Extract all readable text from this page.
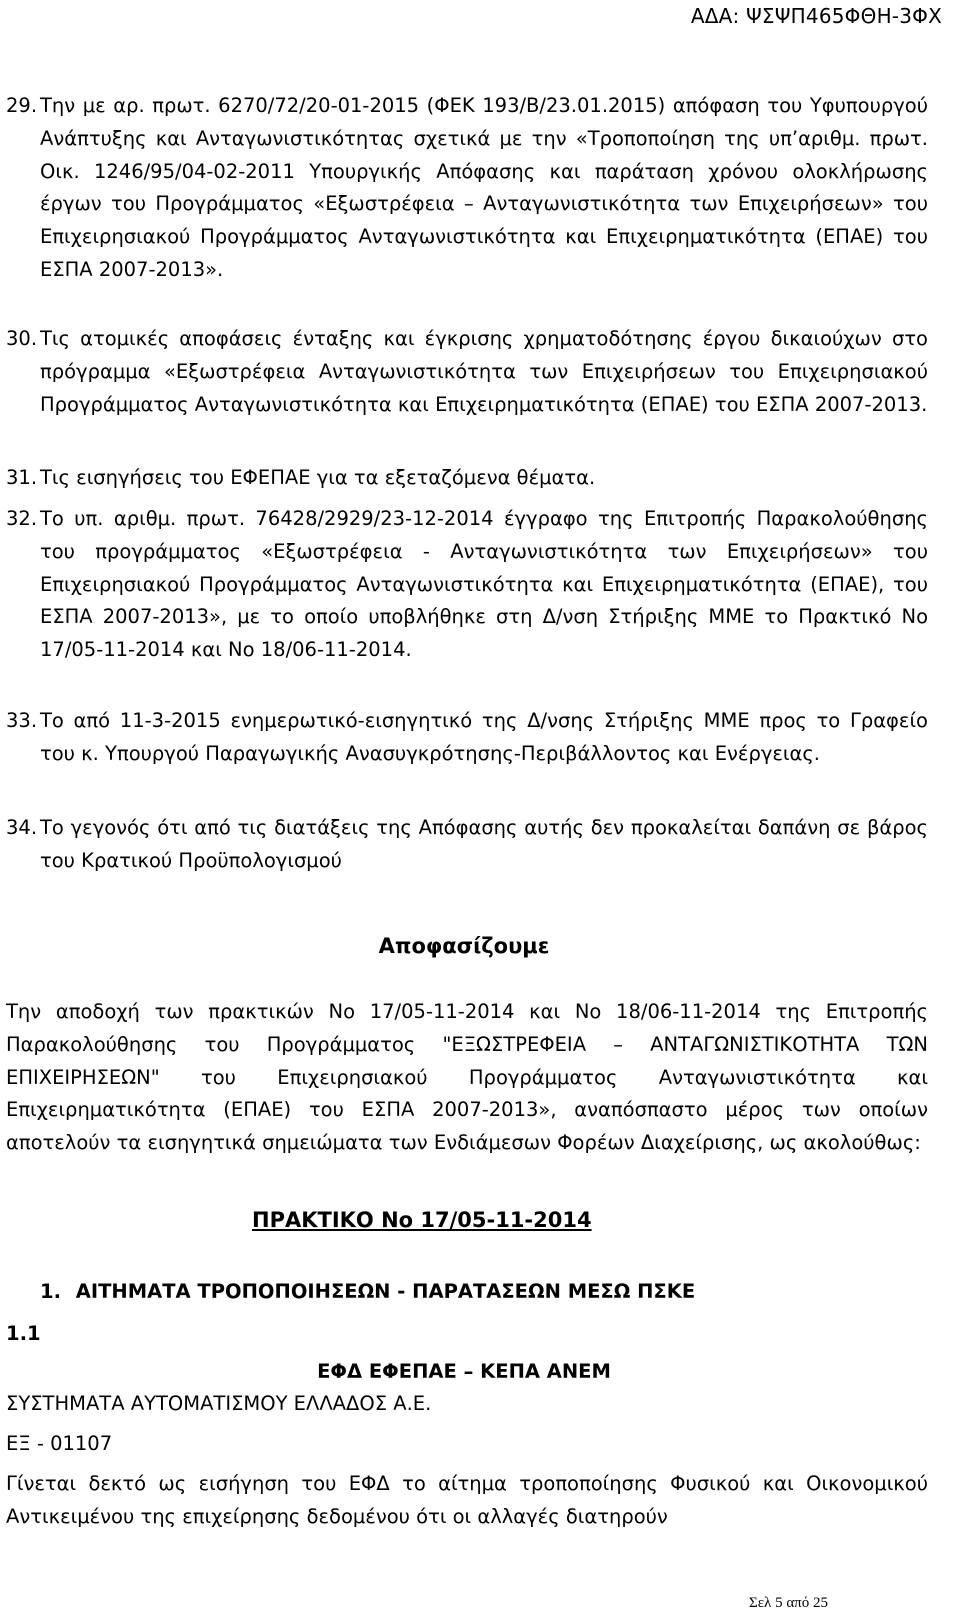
ΑΔΑ: ΨΣΨΠ465ΦΘΗ-3ΦΧ
29. Την με αρ. πρωτ. 6270/72/20-01-2015 (ΦΕΚ 193/Β/23.01.2015) απόφαση του Υφυπουργού Ανάπτυξης και Ανταγωνιστικότητας σχετικά με την «Τροποποίηση της υπ’αριθμ. πρωτ. Οικ. 1246/95/04-02-2011 Υπουργικής Απόφασης και παράταση χρόνου ολοκλήρωσης έργων του Προγράμματος «Εξωστρέφεια – Ανταγωνιστικότητα των Επιχειρήσεων» του Επιχειρησιακού Προγράμματος Ανταγωνιστικότητα και Επιχειρηματικότητα (ΕΠΑΕ) του ΕΣΠΑ 2007-2013».
30. Τις ατομικές αποφάσεις ένταξης και έγκρισης χρηματοδότησης έργου δικαιούχων στο πρόγραμμα «Εξωστρέφεια Ανταγωνιστικότητα των Επιχειρήσεων του Επιχειρησιακού Προγράμματος Ανταγωνιστικότητα και Επιχειρηματικότητα (ΕΠΑΕ) του ΕΣΠΑ 2007-2013.
31. Τις εισηγήσεις του ΕΦΕΠΑΕ για τα εξεταζόμενα θέματα.
32. Το υπ. αριθμ. πρωτ. 76428/2929/23-12-2014 έγγραφο της Επιτροπής Παρακολούθησης του προγράμματος «Εξωστρέφεια - Ανταγωνιστικότητα των Επιχειρήσεων» του Επιχειρησιακού Προγράμματος Ανταγωνιστικότητα και Επιχειρηματικότητα (ΕΠΑΕ), του ΕΣΠΑ 2007-2013», με το οποίο υποβλήθηκε στη Δ/νση Στήριξης ΜΜΕ το Πρακτικό Νο 17/05-11-2014 και Νο 18/06-11-2014.
33. Το από 11-3-2015 ενημερωτικό-εισηγητικό της Δ/νσης Στήριξης ΜΜΕ προς το Γραφείο του κ. Υπουργού Παραγωγικής Ανασυγκρότησης-Περιβάλλοντος και Ενέργειας.
34. Το γεγονός ότι από τις διατάξεις της Απόφασης αυτής δεν προκαλείται δαπάνη σε βάρος του Κρατικού Προϋπολογισμού
Αποφασίζουμε
Την αποδοχή των πρακτικών Νο 17/05-11-2014 και Νο 18/06-11-2014 της Επιτροπής Παρακολούθησης του Προγράμματος "ΕΞΩΣΤΡΕΦΕΙΑ – ΑΝΤΑΓΩΝΙΣΤΙΚΟΤΗΤΑ ΤΩΝ ΕΠΙΧΕΙΡΗΣΕΩΝ" του Επιχειρησιακού Προγράμματος Ανταγωνιστικότητα και Επιχειρηματικότητα (ΕΠΑΕ) του ΕΣΠΑ 2007-2013», αναπόσπαστο μέρος των οποίων αποτελούν τα εισηγητικά σημειώματα των Ενδιάμεσων Φορέων Διαχείρισης, ως ακολούθως:
ΠΡΑΚΤΙΚΟ Νο 17/05-11-2014
1. ΑΙΤΗΜΑΤΑ ΤΡΟΠΟΠΟΙΗΣΕΩΝ - ΠΑΡΑΤΑΣΕΩΝ ΜΕΣΩ ΠΣΚΕ
1.1
ΕΦΔ ΕΦΕΠΑΕ – ΚΕΠΑ ΑΝΕΜ
ΣΥΣΤΗΜΑΤΑ ΑΥΤΟΜΑΤΙΣΜΟΥ ΕΛΛΑΔΟΣ Α.Ε.
ΕΞ - 01107
Γίνεται δεκτό ως εισήγηση του ΕΦΔ το αίτημα τροποποίησης Φυσικού και Οικονομικού Αντικειμένου της επιχείρησης δεδομένου ότι οι αλλαγές διατηρούν
Σελ 5 από 25
